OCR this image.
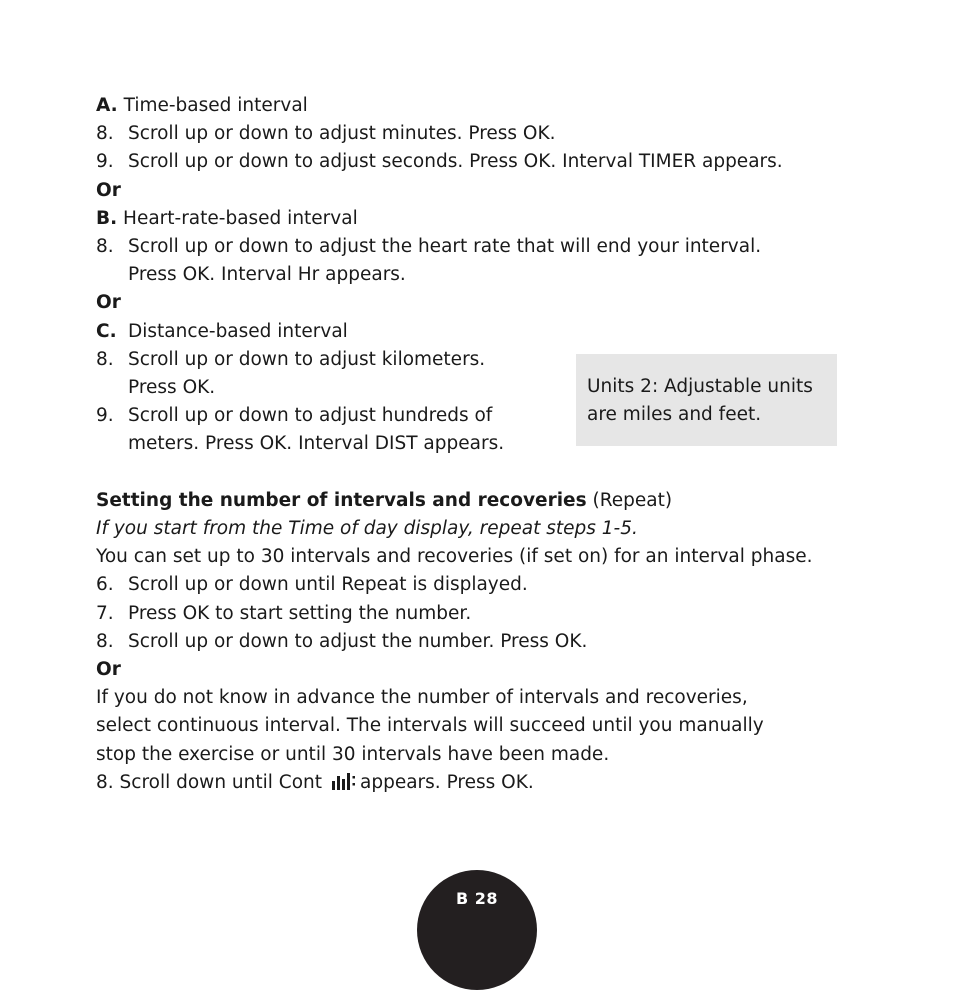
A. Time-based interval
8. Scroll up or down to adjust minutes. Press OK.
9. Scroll up or down to adjust seconds. Press OK. Interval TIMER appears.
Or
B. Heart-rate-based interval
8. Scroll up or down to adjust the heart rate that will end your interval.
Press OK. Interval Hr appears.
Or
C. Distance-based interval
8. Scroll up or down to adjust kilometers.
Press OK.
9. Scroll up or down to adjust hundreds of
meters. Press OK. Interval DIST appears.
Units 2: Adjustable units
are miles and feet.
Setting the number of intervals and recoveries (Repeat)
If you start from the Time of day display, repeat steps 1-5.
You can set up to 30 intervals and recoveries (if set on) for an interval phase.
6. Scroll up or down until Repeat is displayed.
7. Press OK to start setting the number.
8. Scroll up or down to adjust the number. Press OK.
Or
If you do not know in advance the number of intervals and recoveries,
select continuous interval. The intervals will succeed until you manually
stop the exercise or until 30 intervals have been made.
8. Scroll down until Cont appears. Press OK.
B 28
